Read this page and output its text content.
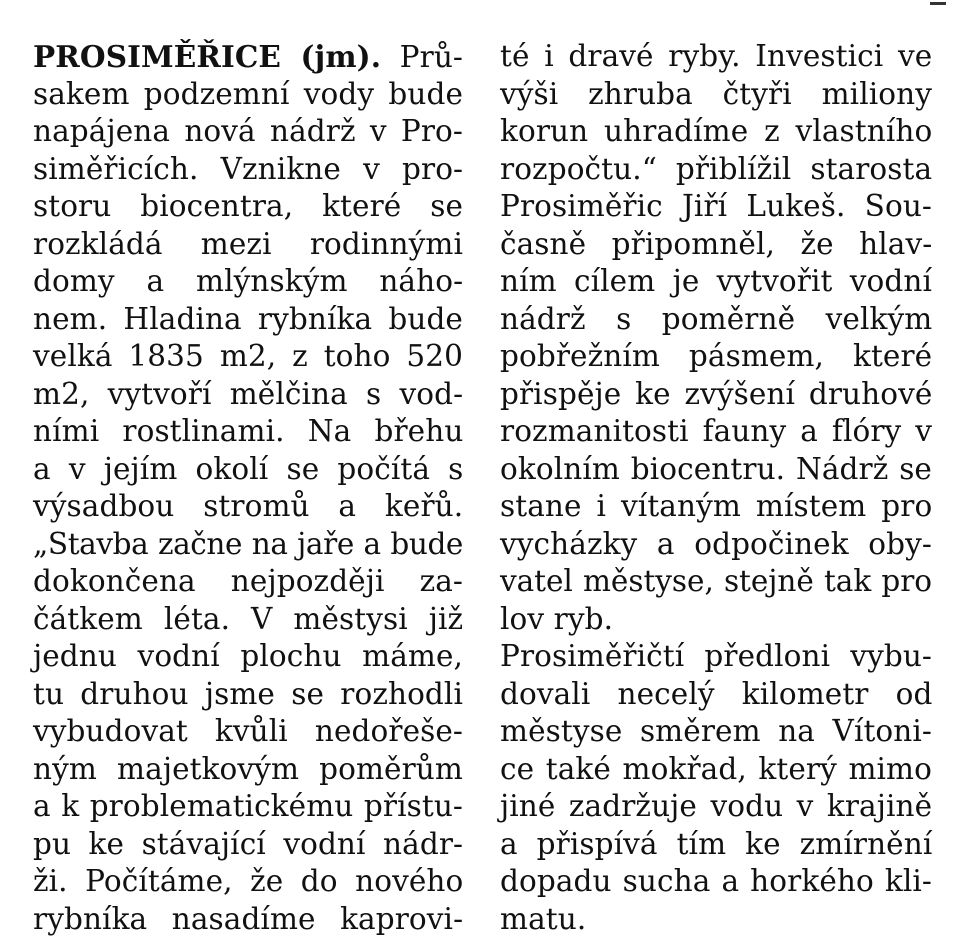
PROSIMĚŘICE (jm). Prů-
sakem podzemní vody bude
napájena nová nádrž v Pro-
siměřicích. Vznikne v pro-
storu biocentra, které se
rozkládá mezi rodinnými
domy a mlýnským náho-
nem. Hladina rybníka bude
velká 1835 m2, z toho 520
m2, vytvoří mělčina s vod-
ními rostlinami. Na břehu
a v jejím okolí se počítá s
výsadbou stromů a keřů.
„Stavba začne na jaře a bude
dokončena nejpozději za-
čátkem léta. V městysi již
jednu vodní plochu máme,
tu druhou jsme se rozhodli
vybudovat kvůli nedořeše-
ným majetkovým poměrům
a k problematickému přístu-
pu ke stávající vodní nádr-
ži. Počítáme, že do nového
rybníka nasadíme kaprovi-
té i dravé ryby. Investici ve
výši zhruba čtyři miliony
korun uhradíme z vlastního
rozpočtu.“ přiblížil starosta
Prosiměřic Jiří Lukeš. Sou-
časně připomněl, že hlav-
ním cílem je vytvořit vodní
nádrž s poměrně velkým
pobřežním pásmem, které
přispěje ke zvýšení druhové
rozmanitosti fauny a flóry v
okolním biocentru. Nádrž se
stane i vítaným místem pro
vycházky a odpočinek oby-
vatel městyse, stejně tak pro
lov ryb.
Prosiměřičtí předloni vybu-
dovali necelý kilometr od
městyse směrem na Vítoni-
ce také mokřad, který mimo
jiné zadržuje vodu v krajině
a přispívá tím ke zmírnění
dopadu sucha a horkého kli-
matu.
